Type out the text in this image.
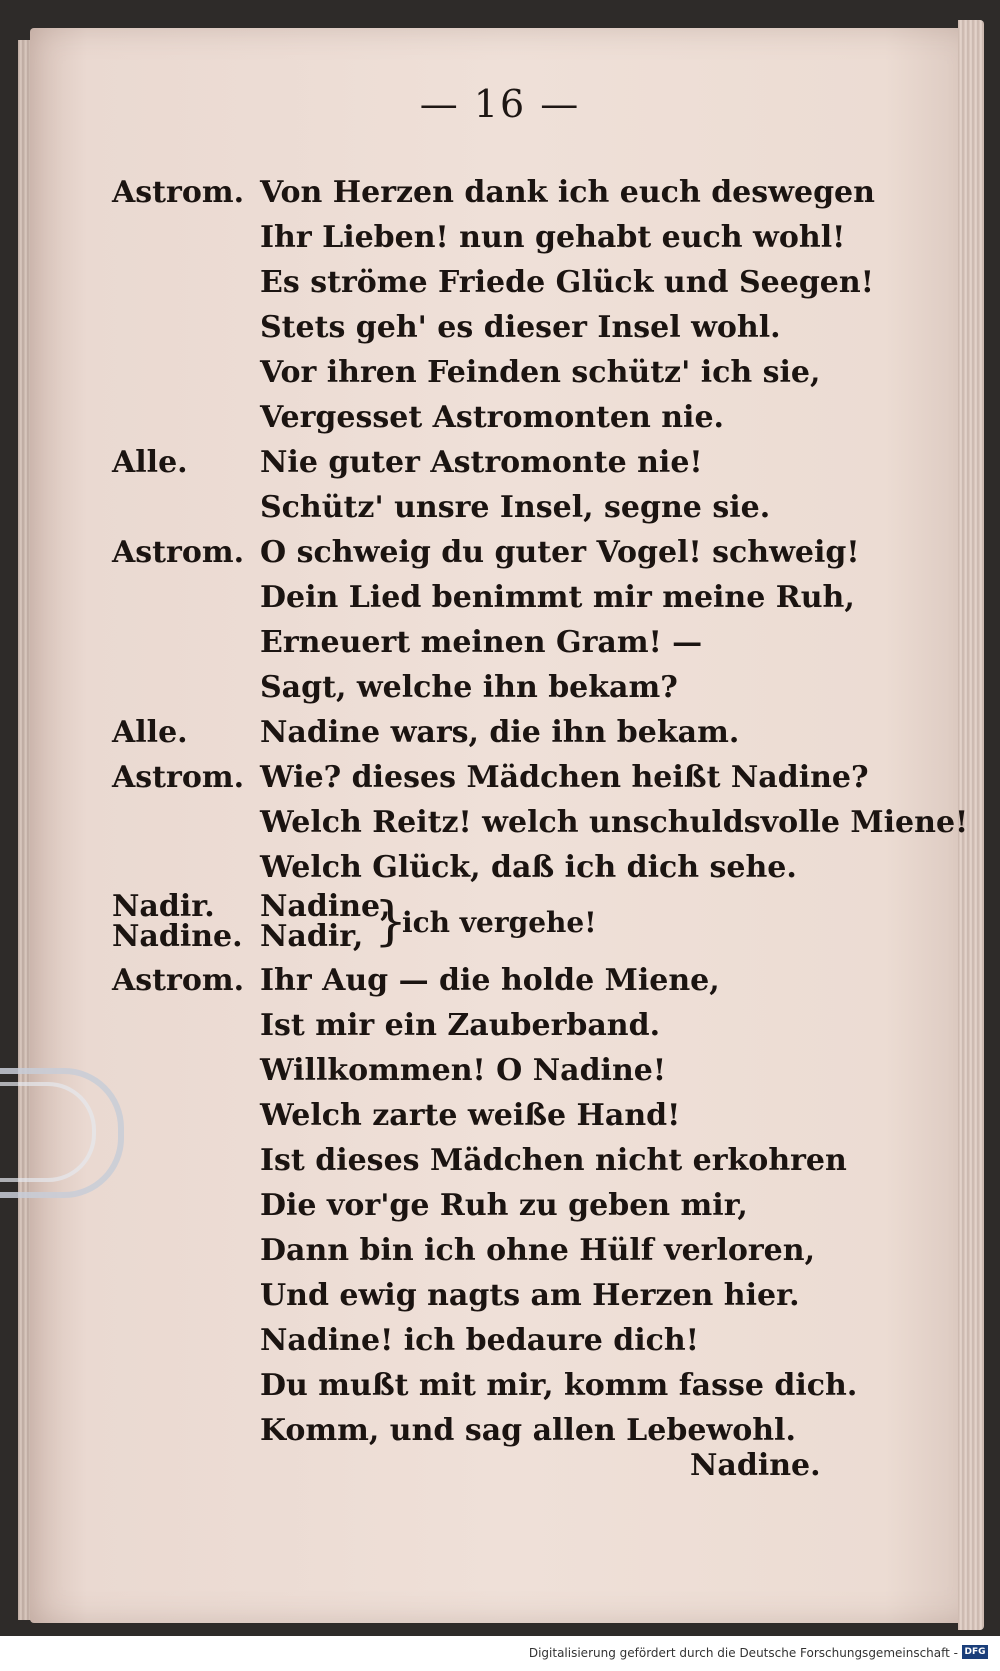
— 16 —
Astrom. Von Herzen dank ich euch deswegen
Ihr Lieben! nun gehabt euch wohl!
Es ströme Friede Glück und Seegen!
Stets geh' es dieser Insel wohl.
Vor ihren Feinden schütz' ich sie,
Vergesset Astromonten nie.
Alle.	Nie guter Astromonte nie!
Schütz' unsre Insel, segne sie.
Astrom. O schweig du guter Vogel! schweig!
Dein Lied benimmt mir meine Ruh,
Erneuert meinen Gram! —
Sagt, welche ihn bekam?
Alle.	Nadine wars, die ihn bekam.
Astrom. Wie? dieses Mädchen heißt Nadine?
Welch Reitz! welch unschuldsvolle Miene!
Welch Glück, daß ich dich sehe.
Nadir.
Nadine.
Nadine,
Nadir, }
ich vergehe!
Astrom. Ihr Aug — die holde Miene,
Ist mir ein Zauberband.
Willkommen! O Nadine!
Welch zarte weiße Hand!
Ist dieses Mädchen nicht erkohren
Die vor'ge Ruh zu geben mir,
Dann bin ich ohne Hülf verloren,
Und ewig nagts am Herzen hier.
Nadine! ich bedaure dich!
Du mußt mit mir, komm fasse dich.
Komm, und sag allen Lebewohl.
Nadine.
Digitalisierung gefördert durch die Deutsche Forschungsgemeinschaft - DFG
